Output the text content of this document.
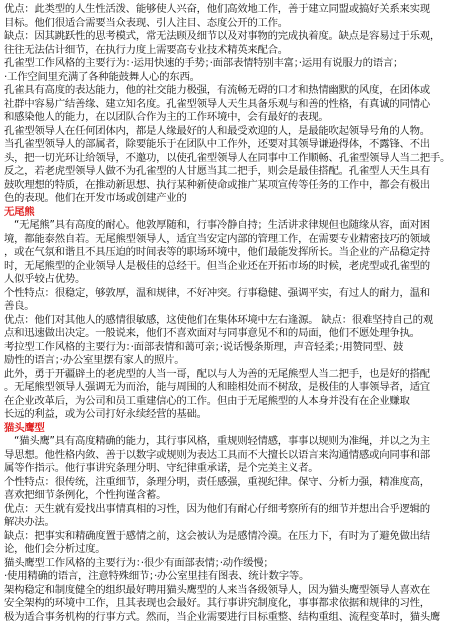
优点：此类型的人生性活泼、能够使人兴奋，他们高效地工作，善于建立同盟或搞好关系来实现
目标。他们很适合需要当众表现、引人注目、态度公开的工作。
缺点：因其跳跃性的思考模式，常无法顾及细节以及对事物的完成执着度。缺点是容易过于乐观，
往往无法估计细节，在执行力度上需要高专业技术精英来配合。
孔雀型工作风格的主要行为：·运用快速的手势；·面部表情特别丰富；·运用有说服力的语言；
·工作空间里充满了各种能鼓舞人心的东西。
孔雀具有高度的表达能力，他的社交能力极强，有流畅无碍的口才和热情幽默的风度，在团体或
社群中容易广结善缘、建立知名度。孔雀型领导人天生具备乐观与和善的性格，有真诚的同情心
和感染他人的能力，在以团队合作为主的工作环境中，会有最好的表现。
孔雀型领导人在任何团体内，都是人缘最好的人和最受欢迎的人，是最能吹起领导号角的人物。
当孔雀型领导人的部属者，除要能乐于在团队中工作外，还要对其领导谦逊得体，不露锋、不出
头，把一切光环让给领导，不邀功，以使孔雀型领导人在同事中工作顺畅、孔雀型领导人当二把手。
反之，若老虎型领导人做不为孔雀型的人甘愿当其二把手，则会是最佳搭配。孔雀型人天生具有
鼓吹理想的特质，在推动新思想、执行某种新使命或推广某项宣传等任务的工作中，都会有极出
色的表现。他们在开发市场或创建产业的
无尾熊
“无尾熊”具有高度的耐心。他敦厚随和，行事冷静自持；生活讲求律规但也随缘从容，面对困
境，都能泰然自若。无尾熊型领导人，适宜当安定内部的管理工作，在需要专业精密技巧的领域
，或在气氛和谐且不具压迫的时间表等的职场环境中，他们最能发挥所长。当企业的产品稳定持
时，无尾熊型的企业领导人是极佳的总经干。但当企业还在开拓市场的时候，老虎型或孔雀型的
人似乎较占优势。
个性特点：很稳定，够敦厚，温和规律，不好冲突。行事稳健、强调平实，有过人的耐力，温和
善良。
优点：他们对其他人的感情很敏感，这使他们在集体环境中左右逢源。 缺点：很难坚持自己的观
点和迅速做出决定。一般说来，他们不喜欢面对与同事意见不和的局面，他们不愿处理争执。
考拉型工作风格的主要行为：·面部表情和蔼可亲；·说话慢条斯理，声音轻柔；·用赞同型、鼓
励性的语言；·办公室里摆有家人的照片。
此外，勇于开疆辟土的老虎型的人当一哥，配以与人为善的无尾熊型人当二把手，也是好的搭配
。无尾熊型领导人强调无为而治，能与周围的人和睦相处而不树敌，是极佳的人事领导者，适宜
在企业改革后，为公司和员工重建信心的工作。但由于无尾熊型的人本身并没有在企业赚取
长远的利益，或为公司打好永续经营的基础。
猫头鹰型
“猫头鹰”具有高度精确的能力，其行事风格，重规则轻情感，事事以规则为准绳，并以之为主
导思想。他性格内敛、善于以数字或规则为表达工具而不大擅长以语言来沟通情感或向同事和部
属等作指示。他行事讲究条理分明、守纪律重承诺，是个完美主义者。
个性特点：很传统，注重细节，条理分明，责任感强，重视纪律。保守、分析力强，精准度高，
喜欢把细节条例化，个性拘谨含蓄。
优点：天生就有爱找出事情真相的习性，因为他们有耐心仔细考察所有的细节并想出合乎逻辑的
解决办法。
缺点：把事实和精确度置于感情之前，这会被认为是感情冷漠。在压力下，有时为了避免做出结
论，他们会分析过度。
猫头鹰型工作风格的主要行为：·很少有面部表情；·动作缓慢；
·使用精确的语言，注意特殊细节；·办公室里挂有图表、统计数字等。
架构稳定和制度健全的组织最好聘用猫头鹰型的人来当各级领导人，因为猫头鹰型领导人喜欢在
安全架构的环境中工作，且其表现也会最好。其行事讲究制度化，事事都求依据和规律的习性，
极为适合事务机构的行事方式。然而，当企业需要进行目标重整、结构重组、流程变革时，猫头鹰
